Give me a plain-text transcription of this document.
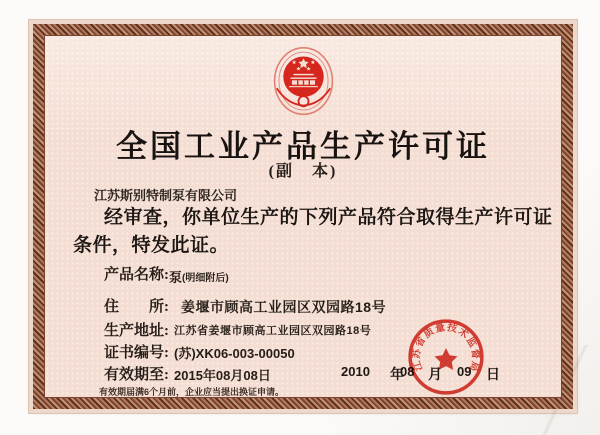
全国工业产品生产许可证
(副　本)
江苏斯别特制泵有限公司
经审查，你单位生产的下列产品符合取得生产许可证
条件，特发此证。
产品名称: 泵 (明细附后)
住　　所: 姜堰市顾高工业园区双园路18号
生产地址: 江苏省姜堰市顾高工业园区双园路18号
证书编号: (苏)XK06-003-00050
有效期至: 2015年08月08日
有效期届满6个月前，企业应当提出换证申请。
2010 年
08 月 09 日
江苏省质量技术监督局
